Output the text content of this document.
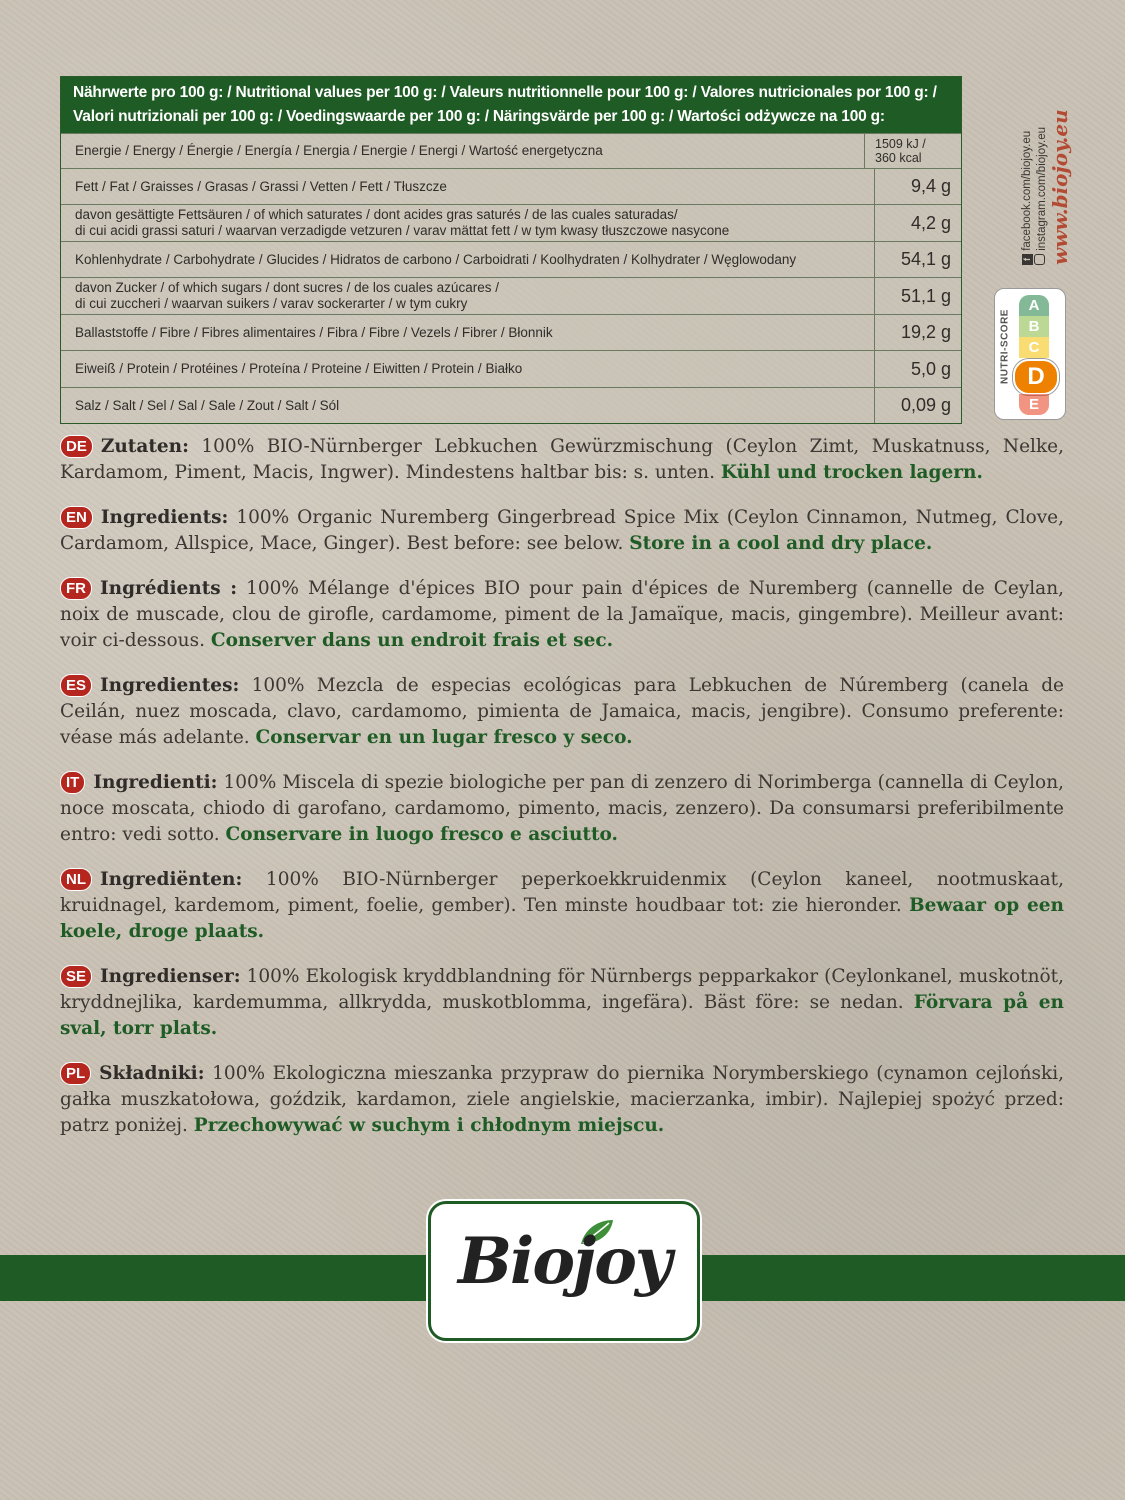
Nährwerte pro 100 g: / Nutritional values per 100 g: / Valeurs nutritionnelle pour 100 g: / Valores nutricionales por 100 g: /
Valori nutrizionali per 100 g: / Voedingswaarde per 100 g: / Näringsvärde per 100 g: / Wartości odżywcze na 100 g:
Energie / Energy / Énergie / Energía / Energia / Energie / Energi / Wartość energetyczna	1509 kJ /
360 kcal
Fett / Fat / Graisses / Grasas / Grassi / Vetten / Fett / Tłuszcze	9,4 g
davon gesättigte Fettsäuren / of which saturates / dont acides gras saturés / de las cuales saturadas/
di cui acidi grassi saturi / waarvan verzadigde vetzuren / varav mättat fett / w tym kwasy tłuszczowe nasycone	4,2 g
Kohlenhydrate / Carbohydrate / Glucides / Hidratos de carbono / Carboidrati / Koolhydraten / Kolhydrater / Węglowodany	54,1 g
davon Zucker / of which sugars / dont sucres / de los cuales azúcares /
di cui zuccheri / waarvan suikers / varav sockerarter / w tym cukry	51,1 g
Ballaststoffe / Fibre / Fibres alimentaires / Fibra / Fibre / Vezels / Fibrer / Błonnik	19,2 g
Eiweiß / Protein / Protéines / Proteína / Proteine / Eiwitten / Protein / Białko	5,0 g
Salz / Salt / Sel / Sal / Sale / Zout / Salt / Sól	0,09 g
f facebook.com/biojoy.eu instagram.com/biojoy.eu www.biojoy.eu
NUTRI-SCORE
A
B
C
D
E
DE Zutaten: 100% BIO-Nürnberger Lebkuchen Gewürzmischung (Ceylon Zimt, Muskatnuss, Nelke, Kardamom, Piment, Macis, Ingwer). Mindestens haltbar bis: s. unten. Kühl und trocken lagern.
EN Ingredients: 100% Organic Nuremberg Gingerbread Spice Mix (Ceylon Cinnamon, Nutmeg, Clove, Cardamom, Allspice, Mace, Ginger). Best before: see below. Store in a cool and dry place.
FR Ingrédients : 100% Mélange d'épices BIO pour pain d'épices de Nuremberg (cannelle de Ceylan, noix de muscade, clou de girofle, cardamome, piment de la Jamaïque, macis, gingembre). Meilleur avant: voir ci-dessous. Conserver dans un endroit frais et sec.
ES Ingredientes: 100% Mezcla de especias ecológicas para Lebkuchen de Núremberg (canela de Ceilán, nuez moscada, clavo, cardamomo, pimienta de Jamaica, macis, jengibre). Consumo preferente: véase más adelante. Conservar en un lugar fresco y seco.
IT Ingredienti: 100% Miscela di spezie biologiche per pan di zenzero di Norimberga (cannella di Ceylon, noce moscata, chiodo di garofano, cardamomo, pimento, macis, zenzero). Da consumarsi preferibilmente entro: vedi sotto. Conservare in luogo fresco e asciutto.
NL Ingrediënten: 100% BIO-Nürnberger peperkoekkruidenmix (Ceylon kaneel, nootmuskaat, kruidnagel, kardemom, piment, foelie, gember). Ten minste houdbaar tot: zie hieronder. Bewaar op een koele, droge plaats.
SE Ingredienser: 100% Ekologisk kryddblandning för Nürnbergs pepparkakor (Ceylonkanel, muskotnöt, kryddnejlika, kardemumma, allkrydda, muskotblomma, ingefära). Bäst före: se nedan. Förvara på en sval, torr plats.
PL Składniki: 100% Ekologiczna mieszanka przypraw do piernika Norymberskiego (cynamon cejloński, gałka muszkatołowa, goździk, kardamon, ziele angielskie, macierzanka, imbir). Najlepiej spożyć przed: patrz poniżej. Przechowywać w suchym i chłodnym miejscu.
Biojoy
